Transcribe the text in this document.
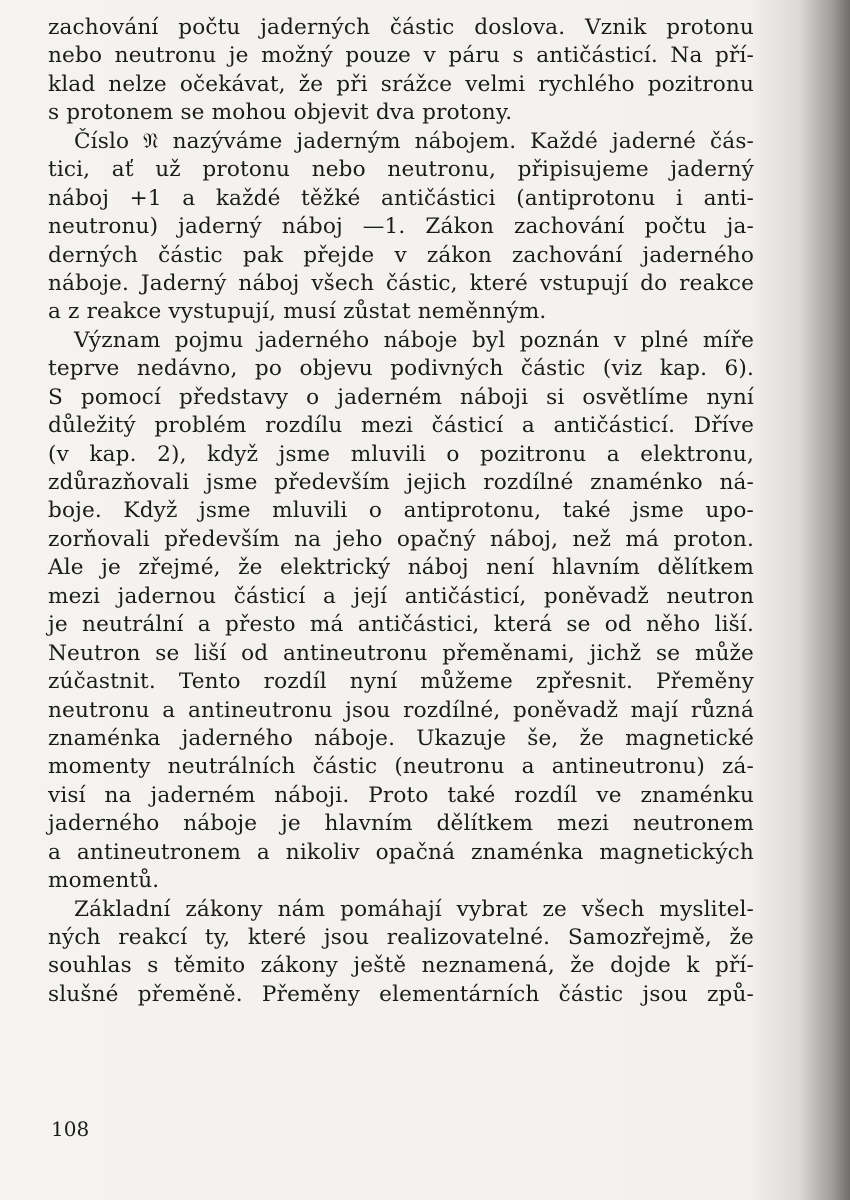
zachování počtu jaderných částic doslova. Vznik protonu
nebo neutronu je možný pouze v páru s antičásticí. Na pří-
klad nelze očekávat, že při srážce velmi rychlého pozitronu
s protonem se mohou objevit dva protony.
Číslo 𝔑 nazýváme jaderným nábojem. Každé jaderné čás-
tici, ať už protonu nebo neutronu, připisujeme jaderný
náboj +1 a každé těžké antičástici (antiprotonu i anti-
neutronu) jaderný náboj —1. Zákon zachování počtu ja-
derných částic pak přejde v zákon zachování jaderného
náboje. Jaderný náboj všech částic, které vstupují do reakce
a z reakce vystupují, musí zůstat neměnným.
Význam pojmu jaderného náboje byl poznán v plné míře
teprve nedávno, po objevu podivných částic (viz kap. 6).
S pomocí představy o jaderném náboji si osvětlíme nyní
důležitý problém rozdílu mezi částicí a antičásticí. Dříve
(v kap. 2), když jsme mluvili o pozitronu a elektronu,
zdůrazňovali jsme především jejich rozdílné znaménko ná-
boje. Když jsme mluvili o antiprotonu, také jsme upo-
zorňovali především na jeho opačný náboj, než má proton.
Ale je zřejmé, že elektrický náboj není hlavním dělítkem
mezi jadernou částicí a její antičásticí, poněvadž neutron
je neutrální a přesto má antičástici, která se od něho liší.
Neutron se liší od antineutronu přeměnami, jichž se může
zúčastnit. Tento rozdíl nyní můžeme zpřesnit. Přeměny
neutronu a antineutronu jsou rozdílné, poněvadž mají různá
znaménka jaderného náboje. Ukazuje še, že magnetické
momenty neutrálních částic (neutronu a antineutronu) zá-
visí na jaderném náboji. Proto také rozdíl ve znaménku
jaderného náboje je hlavním dělítkem mezi neutronem
a antineutronem a nikoliv opačná znaménka magnetických
momentů.
Základní zákony nám pomáhají vybrat ze všech myslitel-
ných reakcí ty, které jsou realizovatelné. Samozřejmě, že
souhlas s těmito zákony ještě neznamená, že dojde k pří-
slušné přeměně. Přeměny elementárních částic jsou způ-
108
